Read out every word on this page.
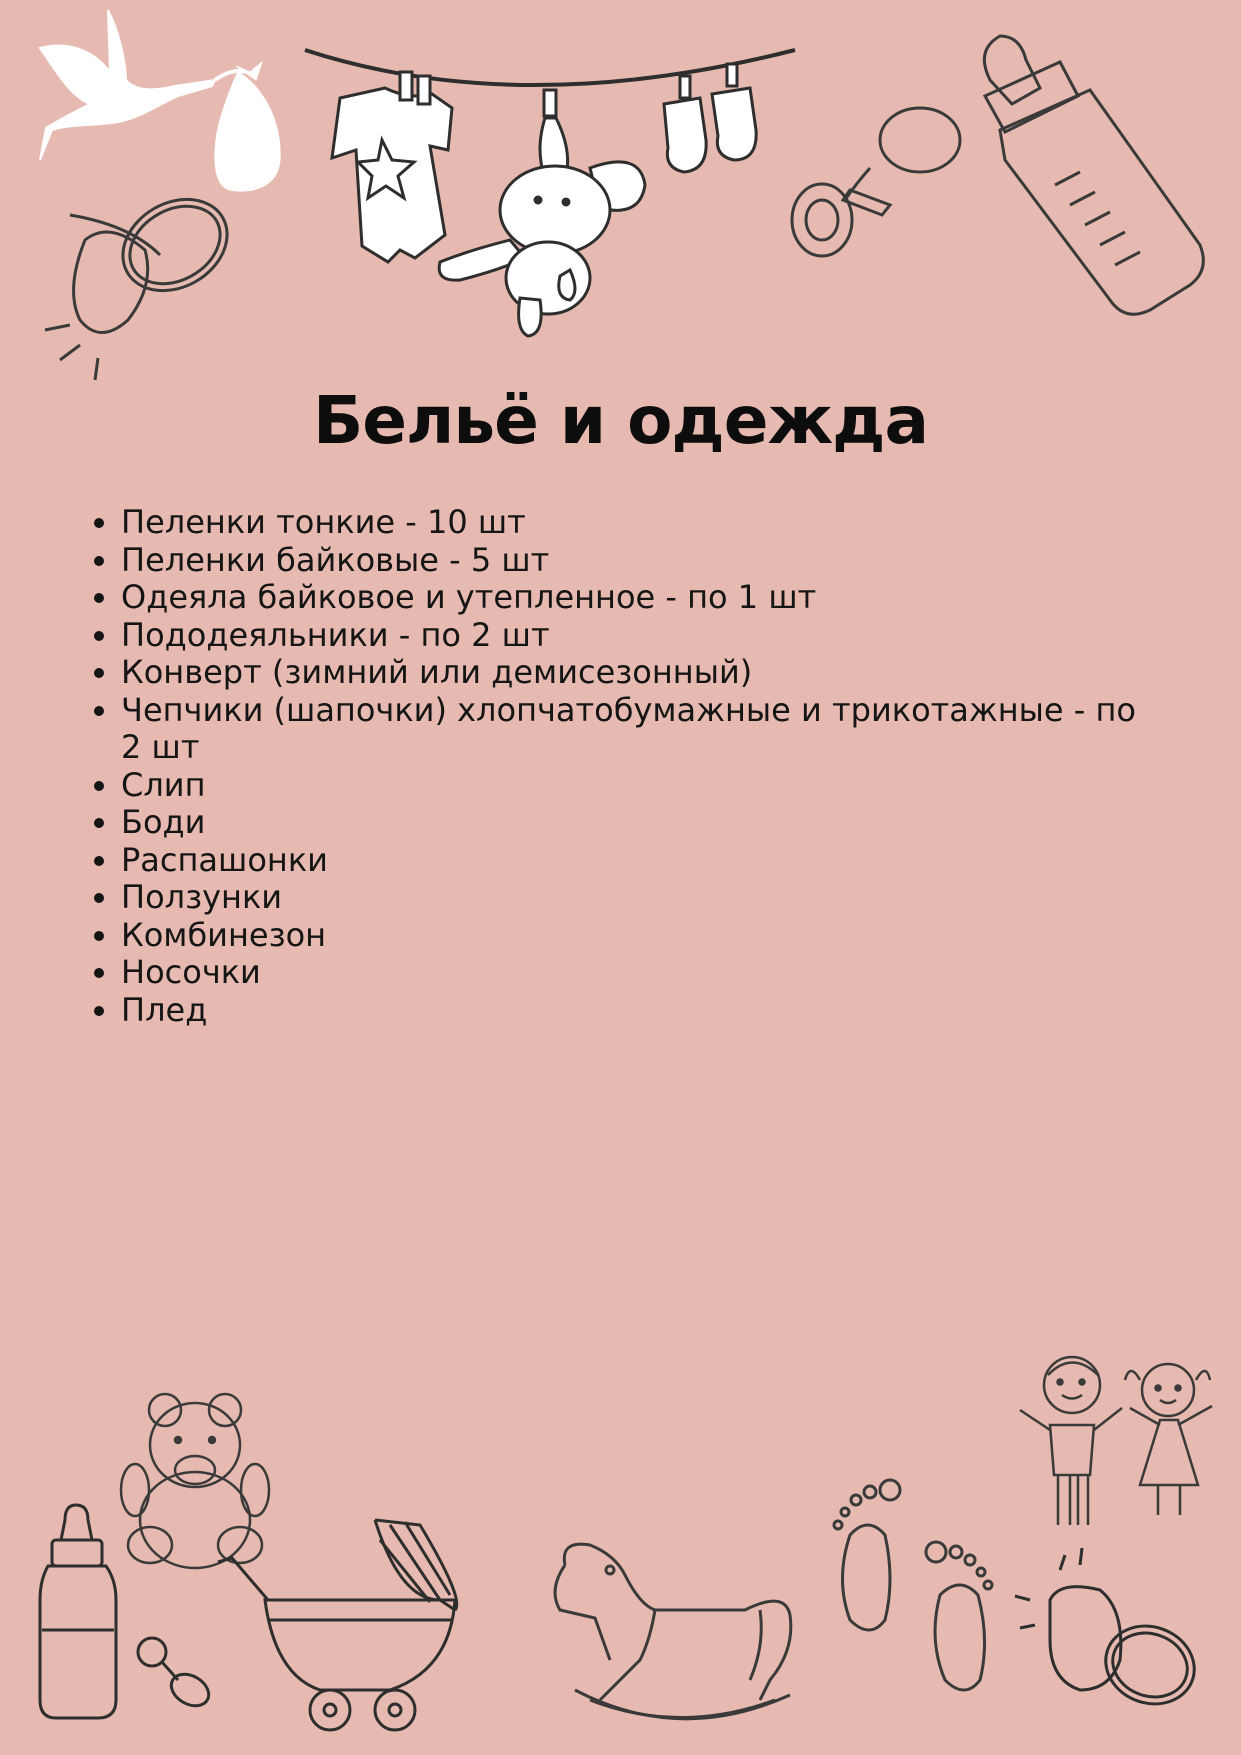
Бельё и одежда
• Пеленки тонкие - 10 шт
• Пеленки байковые - 5 шт
• Одеяла байковое и утепленное - по 1 шт
• Пододеяльники - по 2 шт
• Конверт (зимний или демисезонный)
• Чепчики (шапочки) хлопчатобумажные и трикотажные - по 2 шт
• Слип
• Боди
• Распашонки
• Ползунки
• Комбинезон
• Носочки
• Плед
